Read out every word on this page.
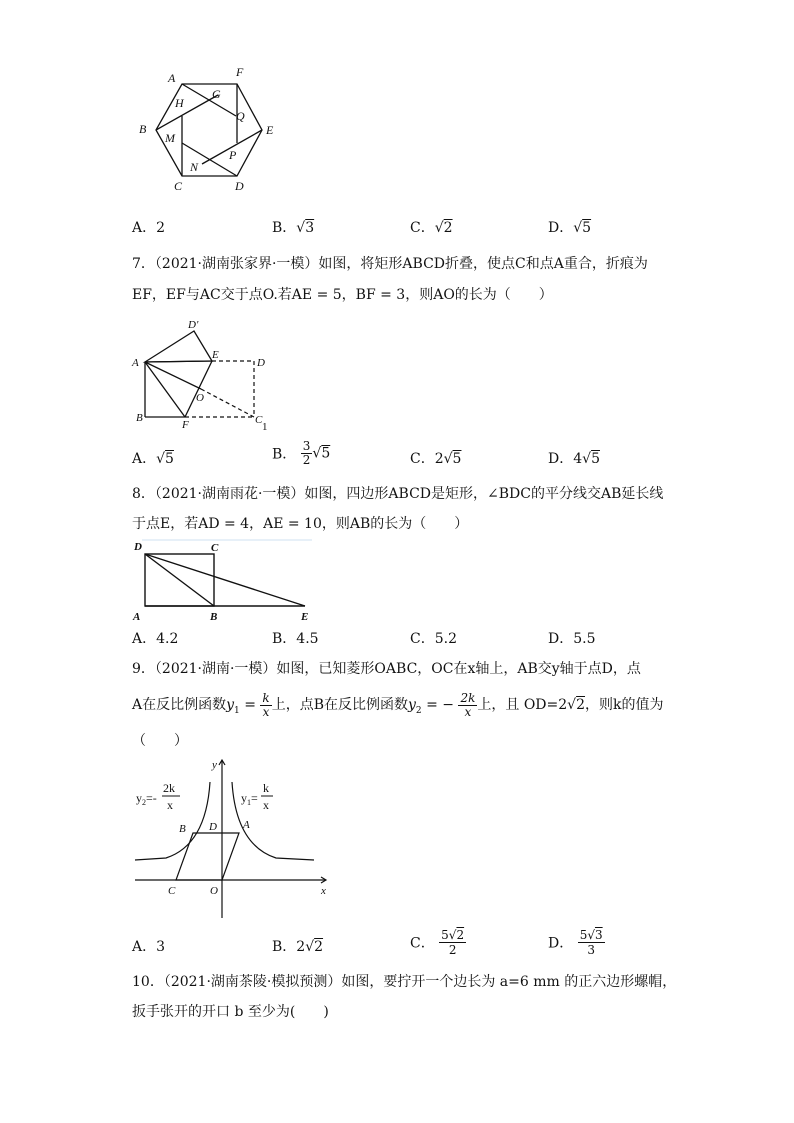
A	F
G
H
Q
B	E
M
P
N
C	D
A．2	B．√3	C．√2	D．√5
7．（2021·湖南张家界·一模）如图，将矩形ABCD折叠，使点C和点A重合，折痕为
EF，EF与AC交于点O.若AE = 5，BF = 3，则AO的长为（　　）
D'
A
E
D
O
B
F	C
1
A．√5	B． $\frac{3}{2} √5$	C．2√5	D．4√5
8．（2021·湖南雨花·一模）如图，四边形ABCD是矩形，∠BDC的平分线交AB延长线
于点E，若AD = 4，AE = 10，则AB的长为（　　）
D	C
A	B	E
A．4.2	B．4.5	C．5.2	D．5.5
9．（2021·湖南·一模）如图，已知菱形OABC，OC在x轴上，AB交y轴于点D，点
A在反比例函数$y_1 = \frac{k}{x}$ 上，点B在反比例函数$y_2$ = − $\frac{2k}{x}$ 上，且 OD=2√2，则k的值为
（　　）
y
x
O
C
B D A
$y_2=-$
2k
x	$y_1=$
k
x
A．3	B．2√2	C． $\frac{5√2}{2}$	D． $\frac{5√3}{3}$
10．（2021·湖南茶陵·模拟预测）如图，要拧开一个边长为 a=6 mm 的正六边形螺帽，
扳手张开的开口 b 至少为(　　)
